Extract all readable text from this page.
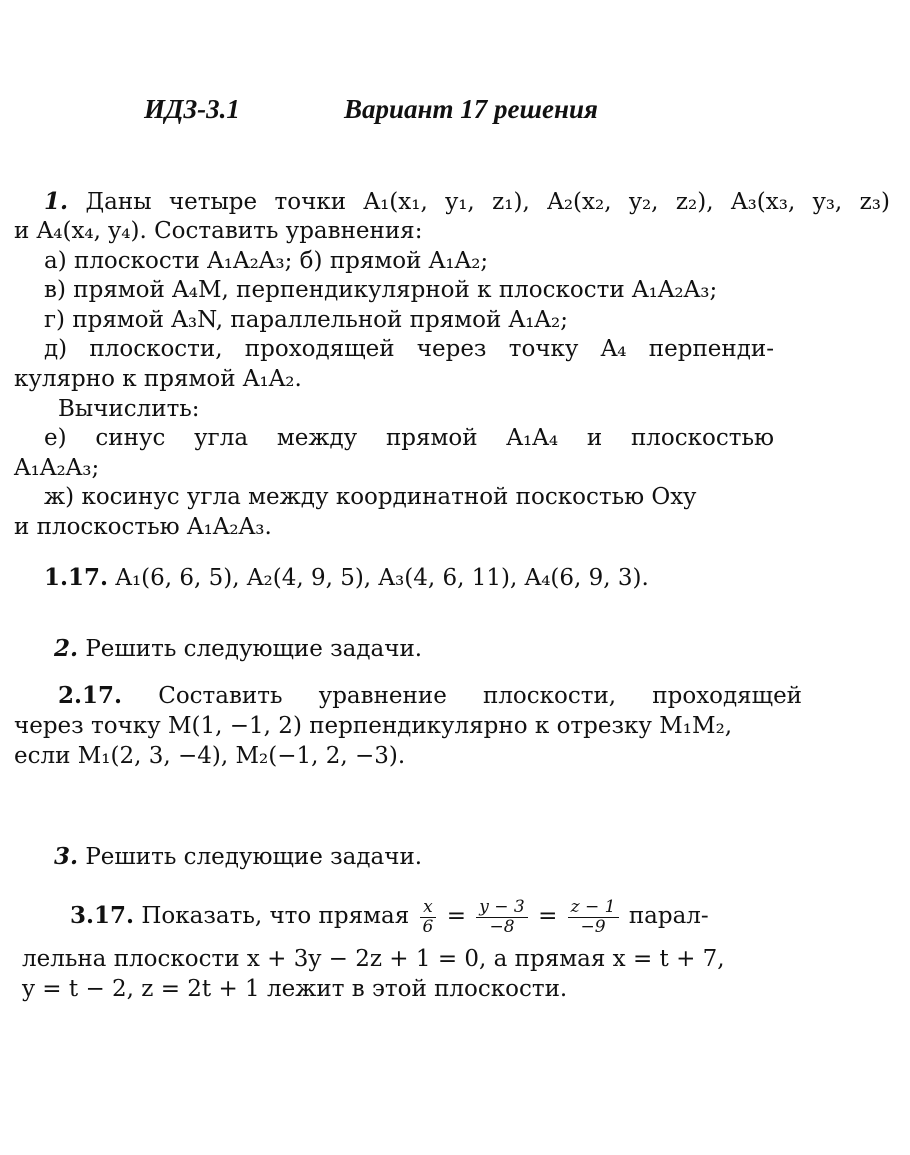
ИДЗ-3.1	Вариант 17 решения
1. Даны четыре точки A₁(x₁, y₁, z₁), A₂(x₂, y₂, z₂), A₃(x₃, y₃, z₃)
и A₄(x₄, y₄). Составить уравнения:
а) плоскости A₁A₂A₃; б) прямой A₁A₂;
в) прямой A₄M, перпендикулярной к плоскости A₁A₂A₃;
г) прямой A₃N, параллельной прямой A₁A₂;
д) плоскости, проходящей через точку A₄ перпенди-
кулярно к прямой A₁A₂.
Вычислить:
е) синус угла между прямой A₁A₄ и плоскостью
A₁A₂A₃;
ж) косинус угла между координатной поскостью Oxy
и плоскостью A₁A₂A₃.
1.17. A₁(6, 6, 5), A₂(4, 9, 5), A₃(4, 6, 11), A₄(6, 9, 3).
2. Решить следующие задачи.
2.17. Составить уравнение плоскости, проходящей
через точку M(1, −1, 2) перпендикулярно к отрезку M₁M₂,
если M₁(2, 3, −4), M₂(−1, 2, −3).
3. Решить следующие задачи.
3.17. Показать, что прямая $\frac{x}{6} = \frac{y - 3}{-8} = \frac{z - 1}{-9}$ парал-
лельна плоскости x + 3y − 2z + 1 = 0, а прямая x = t + 7,
y = t − 2, z = 2t + 1 лежит в этой плоскости.
